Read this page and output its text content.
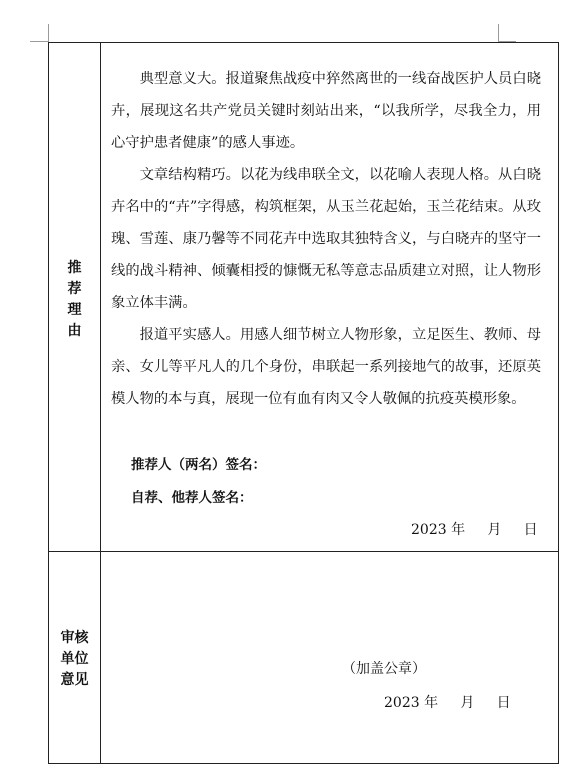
推
荐
理
由

典型意义大。报道聚焦战疫中猝然离世的一线奋战医护人员白晓卉，展现这名共产党员关键时刻站出来，“以我所学，尽我全力，用心守护患者健康”的感人事迹。

文章结构精巧。以花为线串联全文，以花喻人表现人格。从白晓卉名中的“卉”字得感，构筑框架，从玉兰花起始，玉兰花结束。从玫瑰、雪莲、康乃馨等不同花卉中选取其独特含义，与白晓卉的坚守一线的战斗精神、倾囊相授的慷慨无私等意志品质建立对照，让人物形象立体丰满。

报道平实感人。用感人细节树立人物形象，立足医生、教师、母亲、女儿等平凡人的几个身份，串联起一系列接地气的故事，还原英模人物的本与真，展现一位有血有肉又令人敬佩的抗疫英模形象。

推荐人（两名）签名：
自荐、他荐人签名：
2023 年     月     日
审核
单位
意见
（加盖公章）
2023 年     月     日
